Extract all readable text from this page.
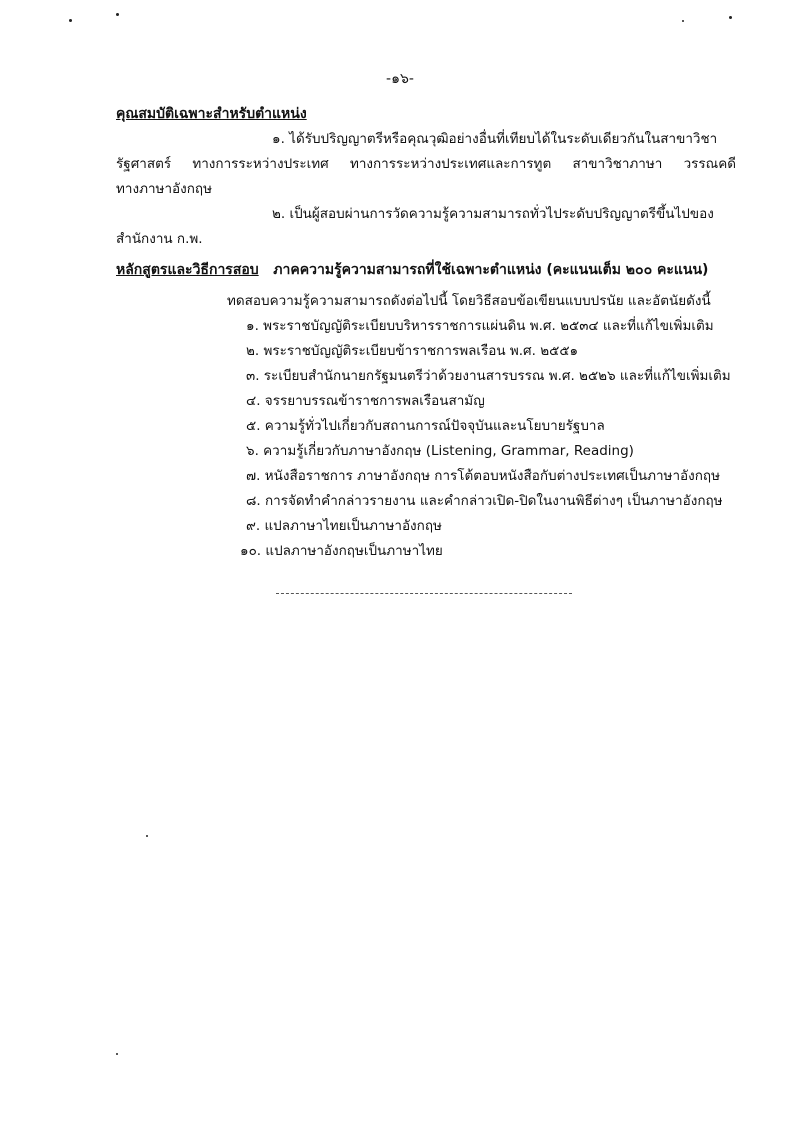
-๑๖-
คุณสมบัติเฉพาะสำหรับตำแหน่ง
๑. ได้รับปริญญาตรีหรือคุณวุฒิอย่างอื่นที่เทียบได้ในระดับเดียวกันในสาขาวิชา
รัฐศาสตร์ ทางการระหว่างประเทศ ทางการระหว่างประเทศและการทูต สาขาวิชาภาษา วรรณคดี
ทางภาษาอังกฤษ
๒. เป็นผู้สอบผ่านการวัดความรู้ความสามารถทั่วไประดับปริญญาตรีขึ้นไปของ
สำนักงาน ก.พ.
หลักสูตรและวิธีการสอบ ภาคความรู้ความสามารถที่ใช้เฉพาะตำแหน่ง (คะแนนเต็ม ๒๐๐ คะแนน)
ทดสอบความรู้ความสามารถดังต่อไปนี้ โดยวิธีสอบข้อเขียนแบบปรนัย และอัตนัยดังนี้
๑. พระราชบัญญัติระเบียบบริหารราชการแผ่นดิน พ.ศ. ๒๕๓๔ และที่แก้ไขเพิ่มเติม
๒. พระราชบัญญัติระเบียบข้าราชการพลเรือน พ.ศ. ๒๕๕๑
๓. ระเบียบสำนักนายกรัฐมนตรีว่าด้วยงานสารบรรณ พ.ศ. ๒๕๒๖ และที่แก้ไขเพิ่มเติม
๔. จรรยาบรรณข้าราชการพลเรือนสามัญ
๕. ความรู้ทั่วไปเกี่ยวกับสถานการณ์ปัจจุบันและนโยบายรัฐบาล
๖. ความรู้เกี่ยวกับภาษาอังกฤษ (Listening, Grammar, Reading)
๗. หนังสือราชการ ภาษาอังกฤษ การโต้ตอบหนังสือกับต่างประเทศเป็นภาษาอังกฤษ
๘. การจัดทำคำกล่าวรายงาน และคำกล่าวเปิด-ปิดในงานพิธีต่างๆ เป็นภาษาอังกฤษ
๙. แปลภาษาไทยเป็นภาษาอังกฤษ
๑๐. แปลภาษาอังกฤษเป็นภาษาไทย
